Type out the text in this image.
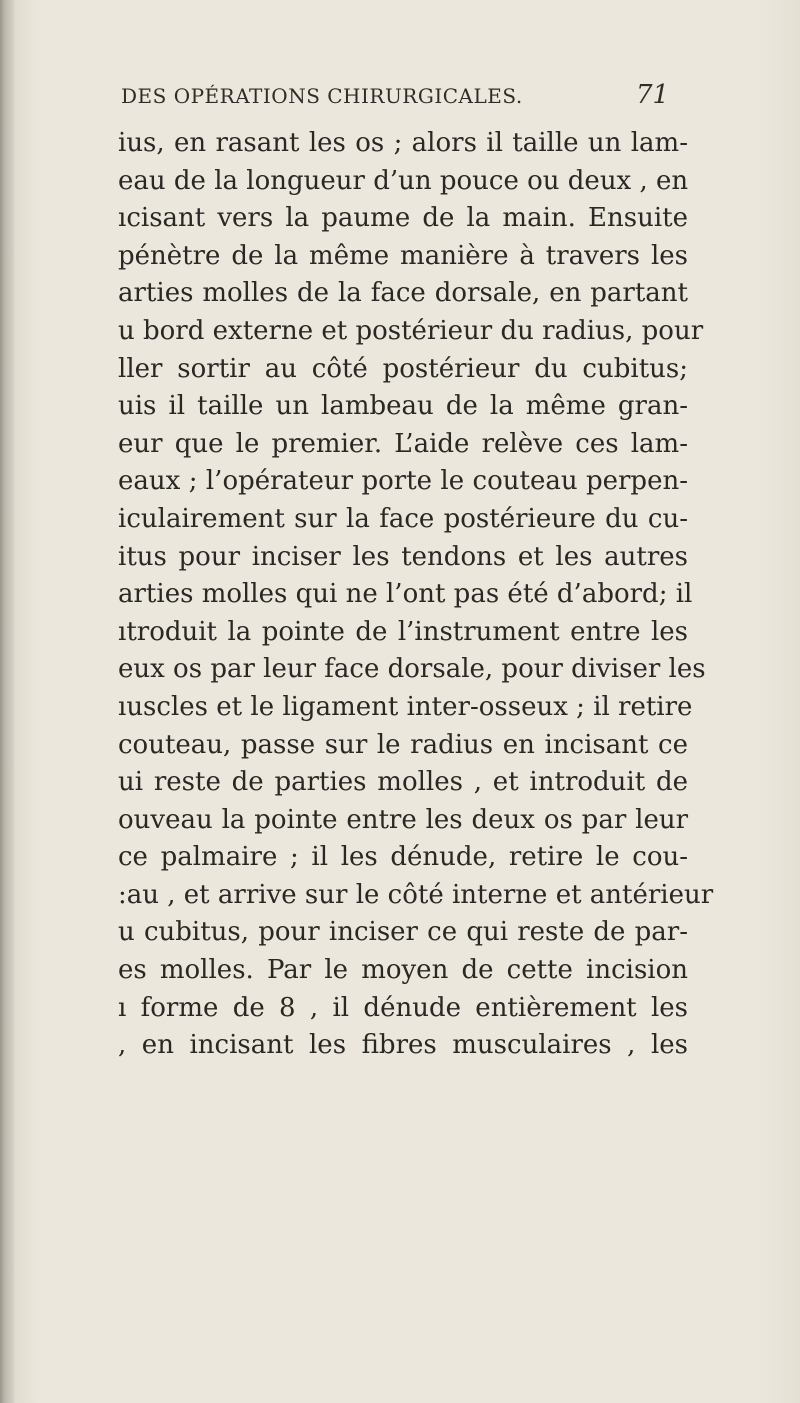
DES OPÉRATIONS CHIRURGICALES.	71
ius, en rasant les os ; alors il taille un lam-
eau de la longueur d’un pouce ou deux , en
ıcisant vers la paume de la main. Ensuite
pénètre de la même manière à travers les
arties molles de la face dorsale, en partant
u bord externe et postérieur du radius, pour
ller sortir au côté postérieur du cubitus;
uis il taille un lambeau de la même gran-
eur que le premier. L’aide relève ces lam-
eaux ; l’opérateur porte le couteau perpen-
iculairement sur la face postérieure du cu-
itus pour inciser les tendons et les autres
arties molles qui ne l’ont pas été d’abord; il
ıtroduit la pointe de l’instrument entre les
eux os par leur face dorsale, pour diviser les
ıuscles et le ligament inter-osseux ; il retire
couteau, passe sur le radius en incisant ce
ui reste de parties molles , et introduit de
ouveau la pointe entre les deux os par leur
ce palmaire ; il les dénude, retire le cou-
:au , et arrive sur le côté interne et antérieur
u cubitus, pour inciser ce qui reste de par-
es molles. Par le moyen de cette incision
ı forme de 8 , il dénude entièrement les
, en incisant les fibres musculaires , les
